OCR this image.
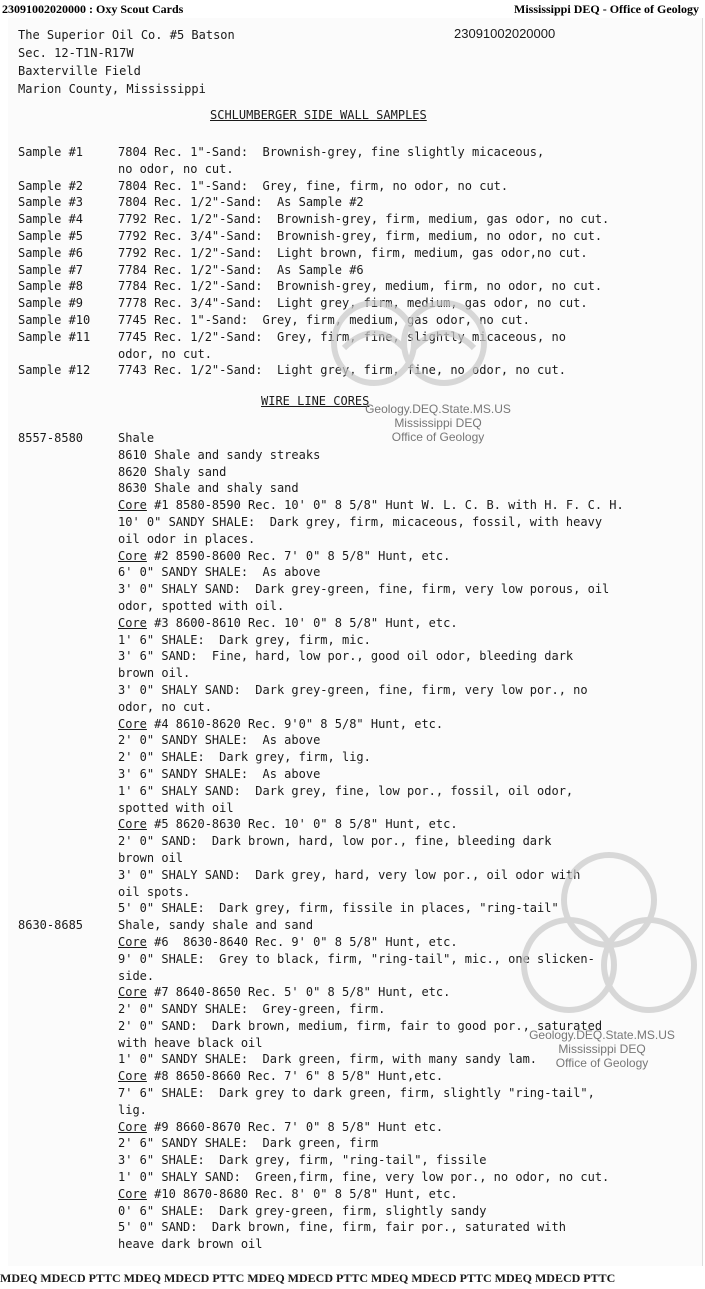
23091002020000 : Oxy Scout Cards	Mississippi DEQ - Office of Geology
The Superior Oil Co. #5 Batson
Sec. 12-T1N-R17W
Baxterville Field
Marion County, Mississippi
23091002020000
SCHLUMBERGER SIDE WALL SAMPLES
Sample #1	7804 Rec. 1"-Sand:  Brownish-grey, fine slightly micaceous,
no odor, no cut.
Sample #2	7804 Rec. 1"-Sand:  Grey, fine, firm, no odor, no cut.
Sample #3	7804 Rec. 1/2"-Sand:  As Sample #2
Sample #4	7792 Rec. 1/2"-Sand:  Brownish-grey, firm, medium, gas odor, no cut.
Sample #5	7792 Rec. 3/4"-Sand:  Brownish-grey, firm, medium, no odor, no cut.
Sample #6	7792 Rec. 1/2"-Sand:  Light brown, firm, medium, gas odor,no cut.
Sample #7	7784 Rec. 1/2"-Sand:  As Sample #6
Sample #8	7784 Rec. 1/2"-Sand:  Brownish-grey, medium, firm, no odor, no cut.
Sample #9	7778 Rec. 3/4"-Sand:  Light grey, firm, medium, gas odor, no cut.
Sample #10	7745 Rec. 1"-Sand:  Grey, firm, medium, gas odor, no cut.
Sample #11	7745 Rec. 1/2"-Sand:  Grey, firm, fine, slightly micaceous, no
odor, no cut.
Sample #12	7743 Rec. 1/2"-Sand:  Light grey, firm, fine, no odor, no cut.
WIRE LINE CORES
8557-8580	Shale
8610 Shale and sandy streaks
8620 Shaly sand
8630 Shale and shaly sand
Core #1 8580-8590 Rec. 10' 0" 8 5/8" Hunt W. L. C. B. with H. F. C. H.
10' 0" SANDY SHALE:  Dark grey, firm, micaceous, fossil, with heavy
oil odor in places.
Core #2 8590-8600 Rec. 7' 0" 8 5/8" Hunt, etc.
6' 0" SANDY SHALE:  As above
3' 0" SHALY SAND:  Dark grey-green, fine, firm, very low porous, oil
odor, spotted with oil.
Core #3 8600-8610 Rec. 10' 0" 8 5/8" Hunt, etc.
1' 6" SHALE:  Dark grey, firm, mic.
3' 6" SAND:  Fine, hard, low por., good oil odor, bleeding dark
brown oil.
3' 0" SHALY SAND:  Dark grey-green, fine, firm, very low por., no
odor, no cut.
Core #4 8610-8620 Rec. 9'0" 8 5/8" Hunt, etc.
2' 0" SANDY SHALE:  As above
2' 0" SHALE:  Dark grey, firm, lig.
3' 6" SANDY SHALE:  As above
1' 6" SHALY SAND:  Dark grey, fine, low por., fossil, oil odor,
spotted with oil
Core #5 8620-8630 Rec. 10' 0" 8 5/8" Hunt, etc.
2' 0" SAND:  Dark brown, hard, low por., fine, bleeding dark
brown oil
3' 0" SHALY SAND:  Dark grey, hard, very low por., oil odor with
oil spots.
5' 0" SHALE:  Dark grey, firm, fissile in places, "ring-tail"
8630-8685	Shale, sandy shale and sand
Core #6  8630-8640 Rec. 9' 0" 8 5/8" Hunt, etc.
9' 0" SHALE:  Grey to black, firm, "ring-tail", mic., one slicken-
side.
Core #7 8640-8650 Rec. 5' 0" 8 5/8" Hunt, etc.
2' 0" SANDY SHALE:  Grey-green, firm.
2' 0" SAND:  Dark brown, medium, firm, fair to good por., saturated
with heave black oil
1' 0" SANDY SHALE:  Dark green, firm, with many sandy lam.
Core #8 8650-8660 Rec. 7' 6" 8 5/8" Hunt,etc.
7' 6" SHALE:  Dark grey to dark green, firm, slightly "ring-tail",
lig.
Core #9 8660-8670 Rec. 7' 0" 8 5/8" Hunt etc.
2' 6" SANDY SHALE:  Dark green, firm
3' 6" SHALE:  Dark grey, firm, "ring-tail", fissile
1' 0" SHALY SAND:  Green,firm, fine, very low por., no odor, no cut.
Core #10 8670-8680 Rec. 8' 0" 8 5/8" Hunt, etc.
0' 6" SHALE:  Dark grey-green, firm, slightly sandy
5' 0" SAND:  Dark brown, fine, firm, fair por., saturated with
heave dark brown oil
Geology.DEQ.State.MS.US
Mississippi DEQ
Office of Geology
Geology.DEQ.State.MS.US
Mississippi DEQ
Office of Geology
MDEQ MDECD PTTC MDEQ MDECD PTTC MDEQ MDECD PTTC MDEQ MDECD PTTC MDEQ MDECD PTTC
